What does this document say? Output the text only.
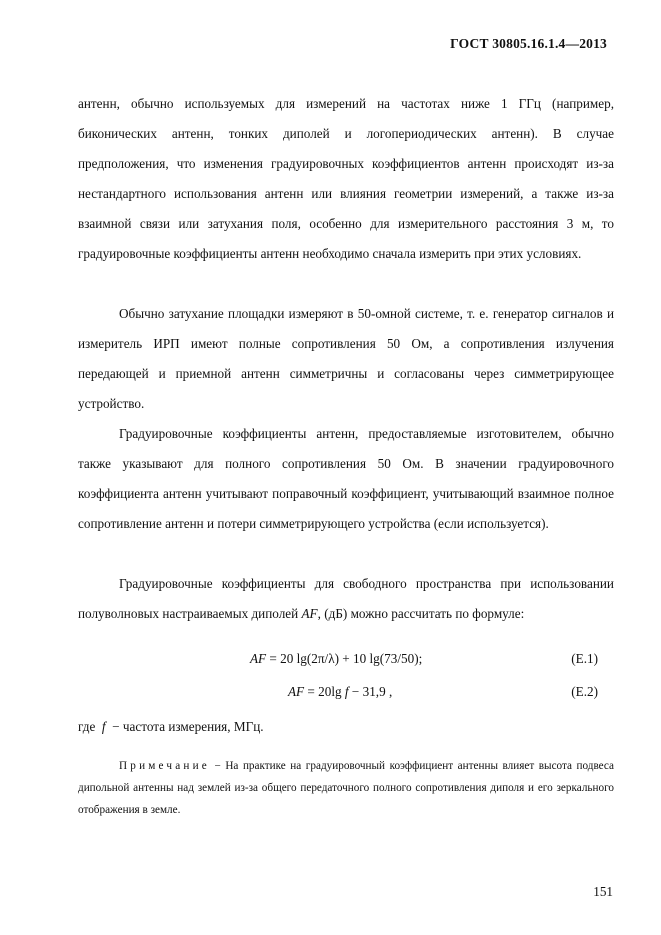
ГОСТ 30805.16.1.4—2013

антенн, обычно используемых для измерений на частотах ниже 1 ГГц (например, биконических антенн, тонких диполей и логопериодических антенн). В случае предположения, что изменения градуировочных коэффициентов антенн происходят из-за нестандартного использования антенн или влияния геометрии измерений, а также из-за взаимной связи или затухания поля, особенно для измерительного расстояния 3 м, то градуировочные коэффициенты антенн необходимо сначала измерить при этих условиях.

Обычно затухание площадки измеряют в 50-омной системе, т. е. генератор сигналов и измеритель ИРП имеют полные сопротивления 50 Ом, а сопротивления излучения передающей и приемной антенн симметричны и согласованы через симметрирующее устройство.

Градуировочные коэффициенты антенн, предоставляемые изготовителем, обычно также указывают для полного сопротивления 50 Ом. В значении градуировочного коэффициента антенн учитывают поправочный коэффициент, учитывающий взаимное полное сопротивление антенн и потери симметрирующего устройства (если используется).

Градуировочные коэффициенты для свободного пространства при использовании полуволновых настраиваемых диполей AF, (дБ) можно рассчитать по формуле:

AF = 20 lg(2π/λ) + 10 lg(73/50);	(Е.1)
AF = 20lg f − 31,9 ,	(Е.2)
где  f  − частота измерения, МГц.
Примечание − На практике на градуировочный коэффициент антенны влияет высота подвеса дипольной антенны над землей из-за общего передаточного полного сопротивления диполя и его зеркального отображения в земле.
151
